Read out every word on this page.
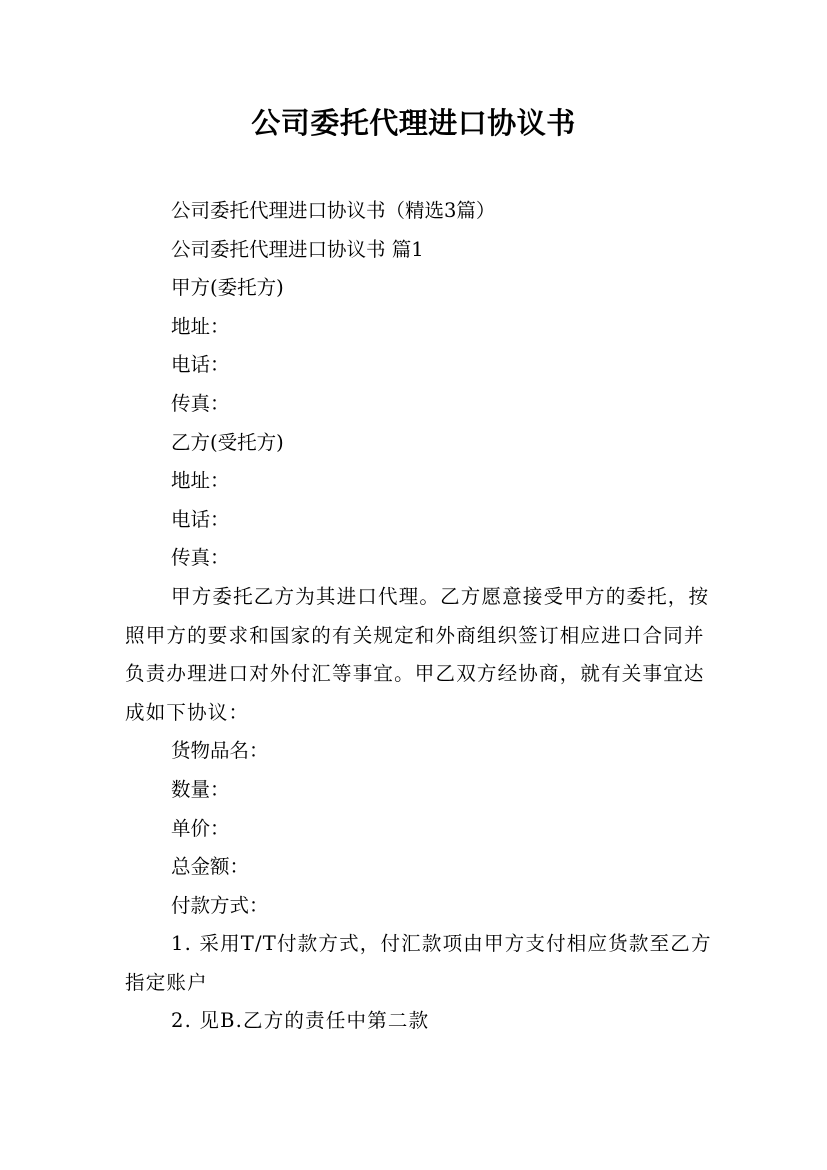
公司委托代理进口协议书

公司委托代理进口协议书（精选3篇）

公司委托代理进口协议书 篇1

甲方(委托方)

地址：

电话：

传真：

乙方(受托方)

地址：

电话：

传真：

甲方委托乙方为其进口代理。乙方愿意接受甲方的委托，按照甲方的要求和国家的有关规定和外商组织签订相应进口合同并负责办理进口对外付汇等事宜。甲乙双方经协商，就有关事宜达成如下协议：

货物品名：

数量：

单价：

总金额：

付款方式：

1. 采用T/T付款方式，付汇款项由甲方支付相应货款至乙方指定账户

2. 见B.乙方的责任中第二款
